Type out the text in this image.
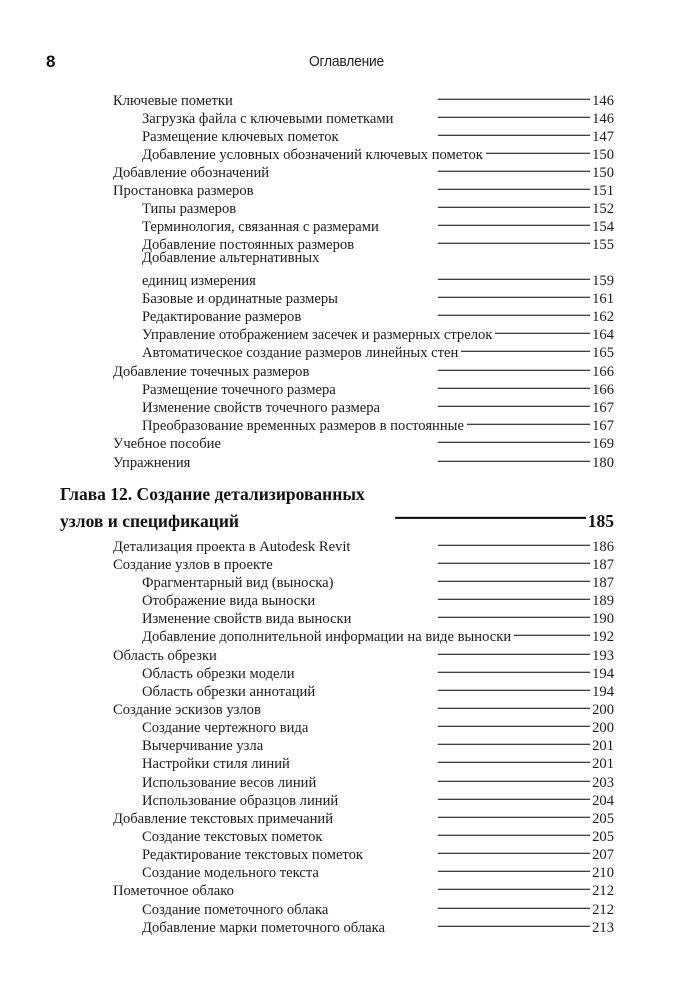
8	Оглавление
Ключевые пометки . . .	146
Загрузка файла с ключевыми пометками . . .	146
Размещение ключевых пометок . . .	147
Добавление условных обозначений ключевых пометок . . .	150
Добавление обозначений . . .	150
Простановка размеров . . .	151
Типы размеров . . .	152
Терминология, связанная с размерами . . .	154
Добавление постоянных размеров . . .	155
Добавление альтернативных
единиц измерения . . .	159
Базовые и ординатные размеры . . .	161
Редактирование размеров . . .	162
Управление отображением засечек и размерных стрелок . . .	164
Автоматическое создание размеров линейных стен . . .	165
Добавление точечных размеров . . .	166
Размещение точечного размера . . .	166
Изменение свойств точечного размера . . .	167
Преобразование временных размеров в постоянные . . .	167
Учебное пособие . . .	169
Упражнения . . .	180
Глава 12. Создание детализированных
узлов и спецификаций . . .	185
Детализация проекта в Autodesk Revit . . .	186
Создание узлов в проекте . . .	187
Фрагментарный вид (выноска) . . .	187
Отображение вида выноски . . .	189
Изменение свойств вида выноски . . .	190
Добавление дополнительной информации на виде выноски . . .	192
Область обрезки . . .	193
Область обрезки модели . . .	194
Область обрезки аннотаций . . .	194
Создание эскизов узлов . . .	200
Создание чертежного вида . . .	200
Вычерчивание узла . . .	201
Настройки стиля линий . . .	201
Использование весов линий . . .	203
Использование образцов линий . . .	204
Добавление текстовых примечаний . . .	205
Создание текстовых пометок . . .	205
Редактирование текстовых пометок . . .	207
Создание модельного текста . . .	210
Пометочное облако . . .	212
Создание пометочного облака . . .	212
Добавление марки пометочного облака . . .	213
